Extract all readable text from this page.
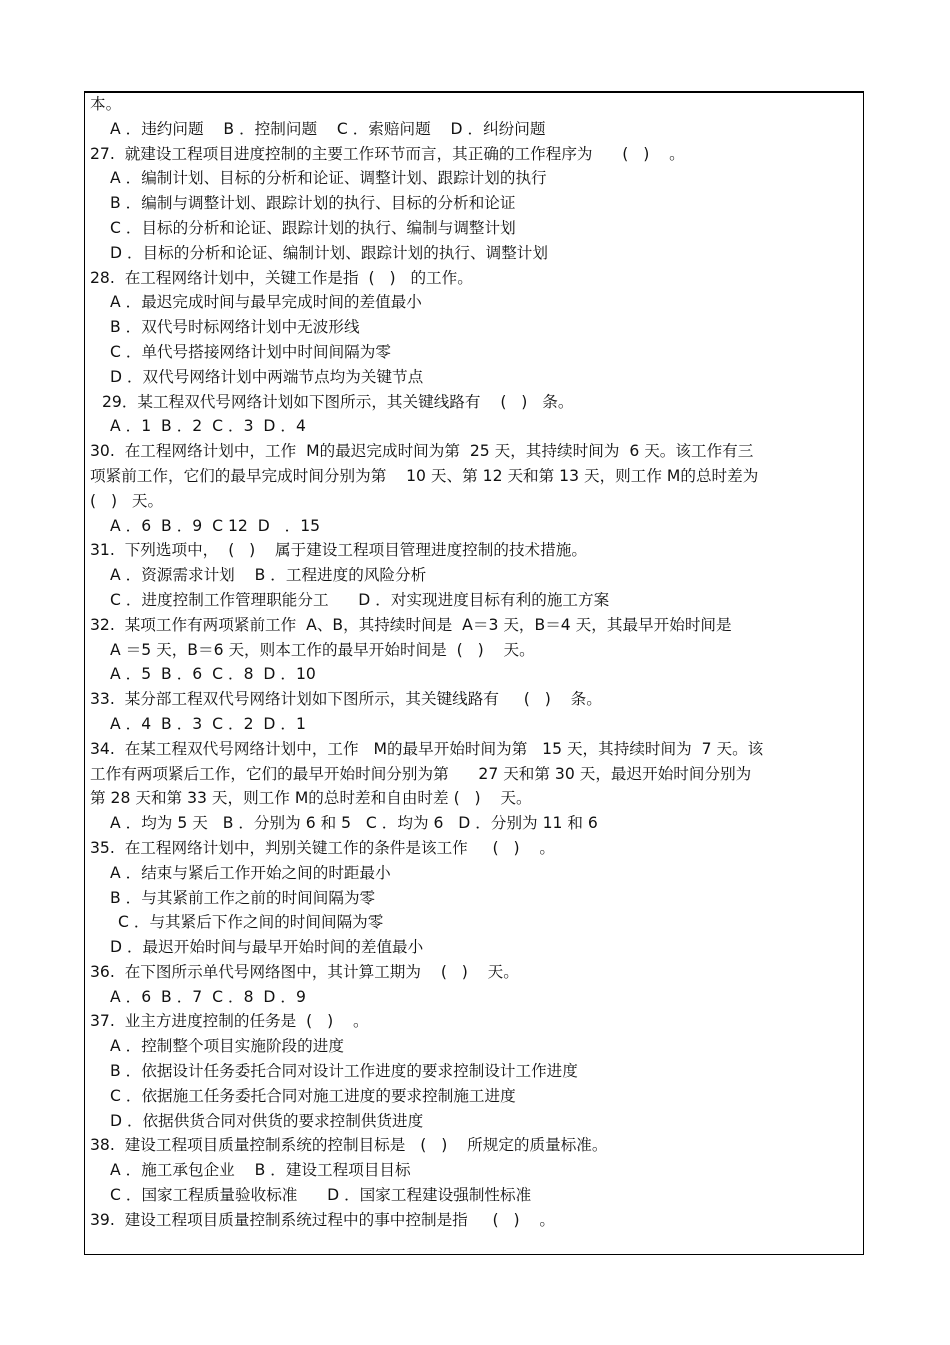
本。
A ．违约问题    B ．控制问题    C ．索赔问题    D ．纠纷问题
27.  就建设工程项目进度控制的主要工作环节而言，其正确的工作程序为      (   )    。
A ．编制计划、目标的分析和论证、调整计划、跟踪计划的执行
B ．编制与调整计划、跟踪计划的执行、目标的分析和论证
C ．目标的分析和论证、跟踪计划的执行、编制与调整计划
D ．目标的分析和论证、编制计划、跟踪计划的执行、调整计划
28.  在工程网络计划中，关键工作是指  (   )   的工作。
A ．最迟完成时间与最早完成时间的差值最小
B ．双代号时标网络计划中无波形线
C ．单代号搭接网络计划中时间间隔为零
D ．双代号网络计划中两端节点均为关键节点
29．某工程双代号网络计划如下图所示，其关键线路有    (   )   条。
A ．1  B ．2  C ．3  D ．4
30.  在工程网络计划中，工作  M的最迟完成时间为第  25 天，其持续时间为  6 天。该工作有三
项紧前工作，它们的最早完成时间分别为第    10 天、第 12 天和第 13 天，则工作 M的总时差为
(   )   天。
A ．6  B ．9  C 12  D   ．15
31.  下列选项中，  (   )    属于建设工程项目管理进度控制的技术措施。
A ．资源需求计划    B ．工程进度的风险分析
C ．进度控制工作管理职能分工      D ．对实现进度目标有利的施工方案
32.  某项工作有两项紧前工作  A、B，其持续时间是  A＝3 天，B＝4 天，其最早开始时间是
A ＝5 天，B＝6 天，则本工作的最早开始时间是  (   )    天。
A ．5  B ．6  C ．8  D ．10
33.  某分部工程双代号网络计划如下图所示，其关键线路有     (   )    条。
A ．4  B ．3  C ．2  D ．1
34.  在某工程双代号网络计划中，工作   M的最早开始时间为第   15 天，其持续时间为  7 天。该
工作有两项紧后工作，它们的最早开始时间分别为第      27 天和第 30 天，最迟开始时间分别为
第 28 天和第 33 天，则工作 M的总时差和自由时差 (   )    天。
A ．均为 5 天   B ．分别为 6 和 5   C ．均为 6   D ．分别为 11 和 6
35.  在工程网络计划中，判别关键工作的条件是该工作     (   )    。
A ．结束与紧后工作开始之间的时距最小
B ．与其紧前工作之前的时间间隔为零
C ．与其紧后下作之间的时间间隔为零
D ．最迟开始时间与最早开始时间的差值最小
36.  在下图所示单代号网络图中，其计算工期为    (   )    天。
A ．6  B ．7  C ．8  D ．9
37.  业主方进度控制的任务是  (   )    。
A ．控制整个项目实施阶段的进度
B ．依据设计任务委托合同对设计工作进度的要求控制设计工作进度
C ．依据施工任务委托合同对施工进度的要求控制施工进度
D ．依据供货合同对供货的要求控制供货进度
38.  建设工程项目质量控制系统的控制目标是   (   )    所规定的质量标准。
A ．施工承包企业    B ．建设工程项目目标
C ．国家工程质量验收标准      D ．国家工程建设强制性标准
39.  建设工程项目质量控制系统过程中的事中控制是指     (   )    。
